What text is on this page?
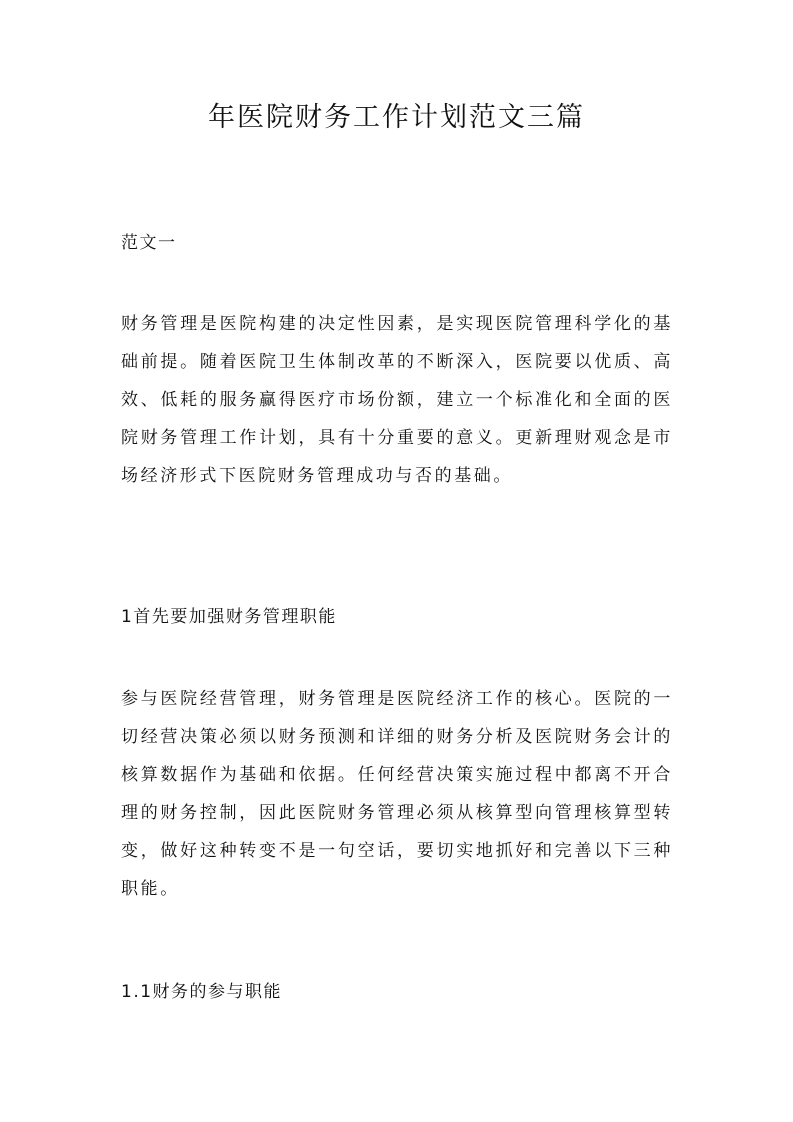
年医院财务工作计划范文三篇

范文一

财务管理是医院构建的决定性因素，是实现医院管理科学化的基础前提。随着医院卫生体制改革的不断深入，医院要以优质、高效、低耗的服务赢得医疗市场份额，建立一个标准化和全面的医院财务管理工作计划，具有十分重要的意义。更新理财观念是市场经济形式下医院财务管理成功与否的基础。

1首先要加强财务管理职能

参与医院经营管理，财务管理是医院经济工作的核心。医院的一切经营决策必须以财务预测和详细的财务分析及医院财务会计的核算数据作为基础和依据。任何经营决策实施过程中都离不开合理的财务控制，因此医院财务管理必须从核算型向管理核算型转变，做好这种转变不是一句空话，要切实地抓好和完善以下三种职能。

1.1财务的参与职能
